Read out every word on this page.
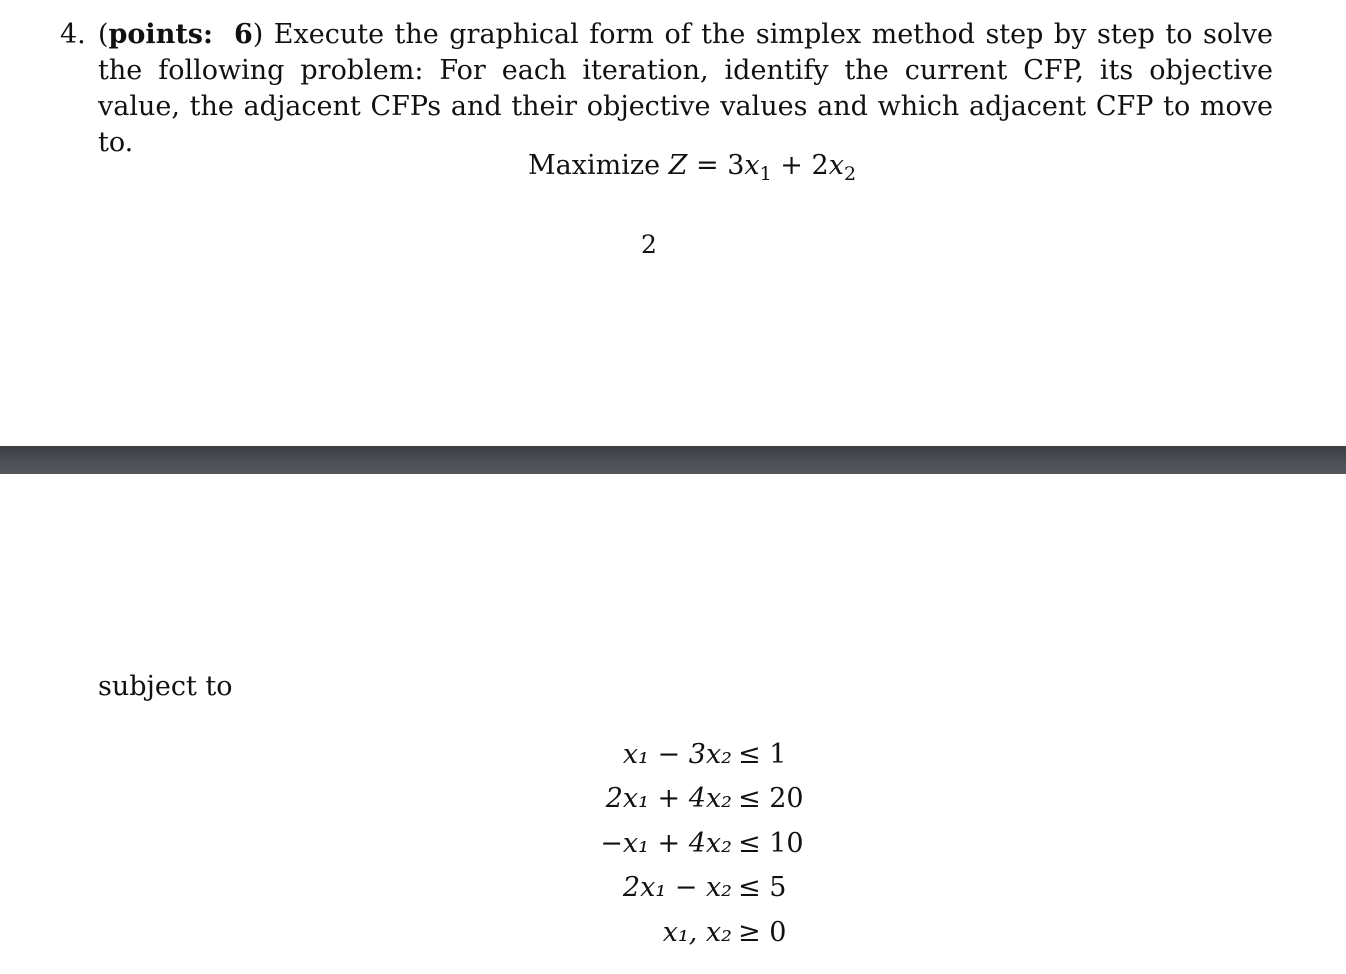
4. (points: 6) Execute the graphical form of the simplex method step by step to solve the following problem: For each iteration, identify the current CFP, its objective value, the adjacent CFPs and their objective values and which adjacent CFP to move to.
Maximize $Z = 3x_1 + 2x_2$
2
subject to
x₁ − 3x₂ ≤ 1
2x₁ + 4x₂ ≤ 20
−x₁ + 4x₂ ≤ 10
2x₁ − x₂ ≤ 5
x₁, x₂ ≥ 0
